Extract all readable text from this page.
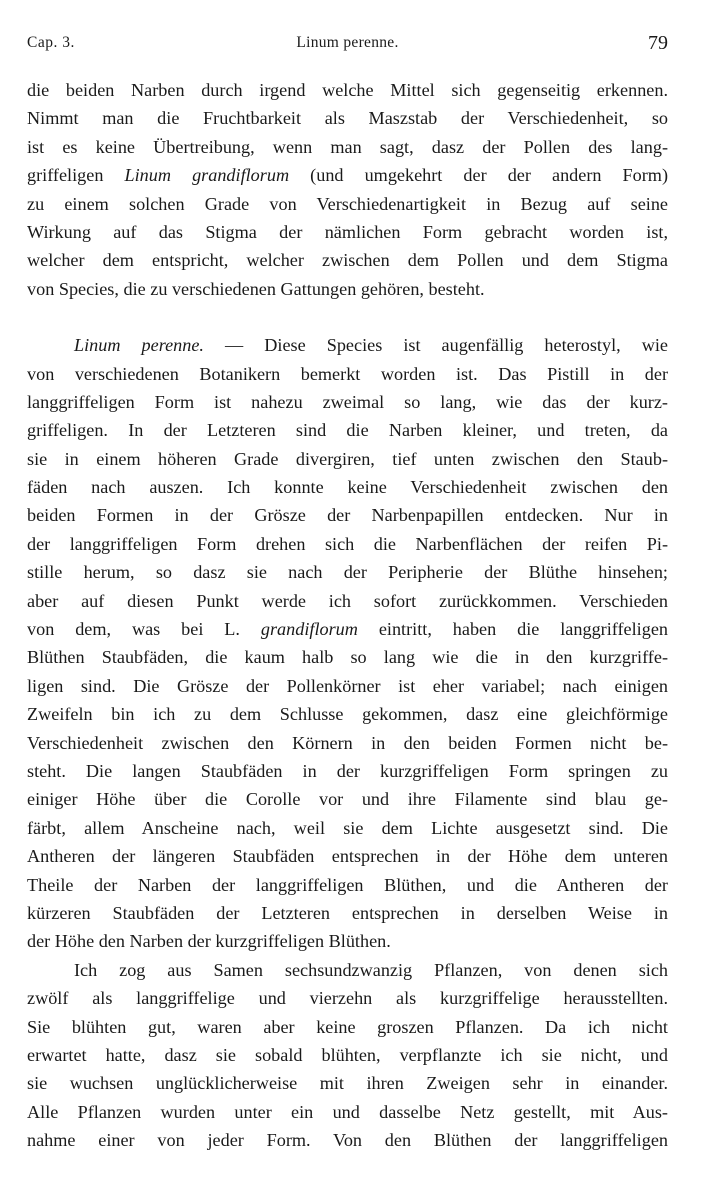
Cap. 3.	Linum perenne.	79
die beiden Narben durch irgend welche Mittel sich gegenseitig erkennen.
Nimmt man die Fruchtbarkeit als Maszstab der Verschiedenheit, so
ist es keine Übertreibung, wenn man sagt, dasz der Pollen des lang-
griffeligen Linum grandiflorum (und umgekehrt der der andern Form)
zu einem solchen Grade von Verschiedenartigkeit in Bezug auf seine
Wirkung auf das Stigma der nämlichen Form gebracht worden ist,
welcher dem entspricht, welcher zwischen dem Pollen und dem Stigma
von Species, die zu verschiedenen Gattungen gehören, besteht.
Linum perenne. — Diese Species ist augenfällig heterostyl, wie
von verschiedenen Botanikern bemerkt worden ist. Das Pistill in der
langgriffeligen Form ist nahezu zweimal so lang, wie das der kurz-
griffeligen. In der Letzteren sind die Narben kleiner, und treten, da
sie in einem höheren Grade divergiren, tief unten zwischen den Staub-
fäden nach auszen. Ich konnte keine Verschiedenheit zwischen den
beiden Formen in der Grösze der Narbenpapillen entdecken. Nur in
der langgriffeligen Form drehen sich die Narbenflächen der reifen Pi-
stille herum, so dasz sie nach der Peripherie der Blüthe hinsehen;
aber auf diesen Punkt werde ich sofort zurückkommen. Verschieden
von dem, was bei L. grandiflorum eintritt, haben die langgriffeligen
Blüthen Staubfäden, die kaum halb so lang wie die in den kurzgriffe-
ligen sind. Die Grösze der Pollenkörner ist eher variabel; nach einigen
Zweifeln bin ich zu dem Schlusse gekommen, dasz eine gleichförmige
Verschiedenheit zwischen den Körnern in den beiden Formen nicht be-
steht. Die langen Staubfäden in der kurzgriffeligen Form springen zu
einiger Höhe über die Corolle vor und ihre Filamente sind blau ge-
färbt, allem Anscheine nach, weil sie dem Lichte ausgesetzt sind. Die
Antheren der längeren Staubfäden entsprechen in der Höhe dem unteren
Theile der Narben der langgriffeligen Blüthen, und die Antheren der
kürzeren Staubfäden der Letzteren entsprechen in derselben Weise in
der Höhe den Narben der kurzgriffeligen Blüthen.
Ich zog aus Samen sechsundzwanzig Pflanzen, von denen sich
zwölf als langgriffelige und vierzehn als kurzgriffelige herausstellten.
Sie blühten gut, waren aber keine groszen Pflanzen. Da ich nicht
erwartet hatte, dasz sie sobald blühten, verpflanzte ich sie nicht, und
sie wuchsen unglücklicherweise mit ihren Zweigen sehr in einander.
Alle Pflanzen wurden unter ein und dasselbe Netz gestellt, mit Aus-
nahme einer von jeder Form. Von den Blüthen der langgriffeligen
